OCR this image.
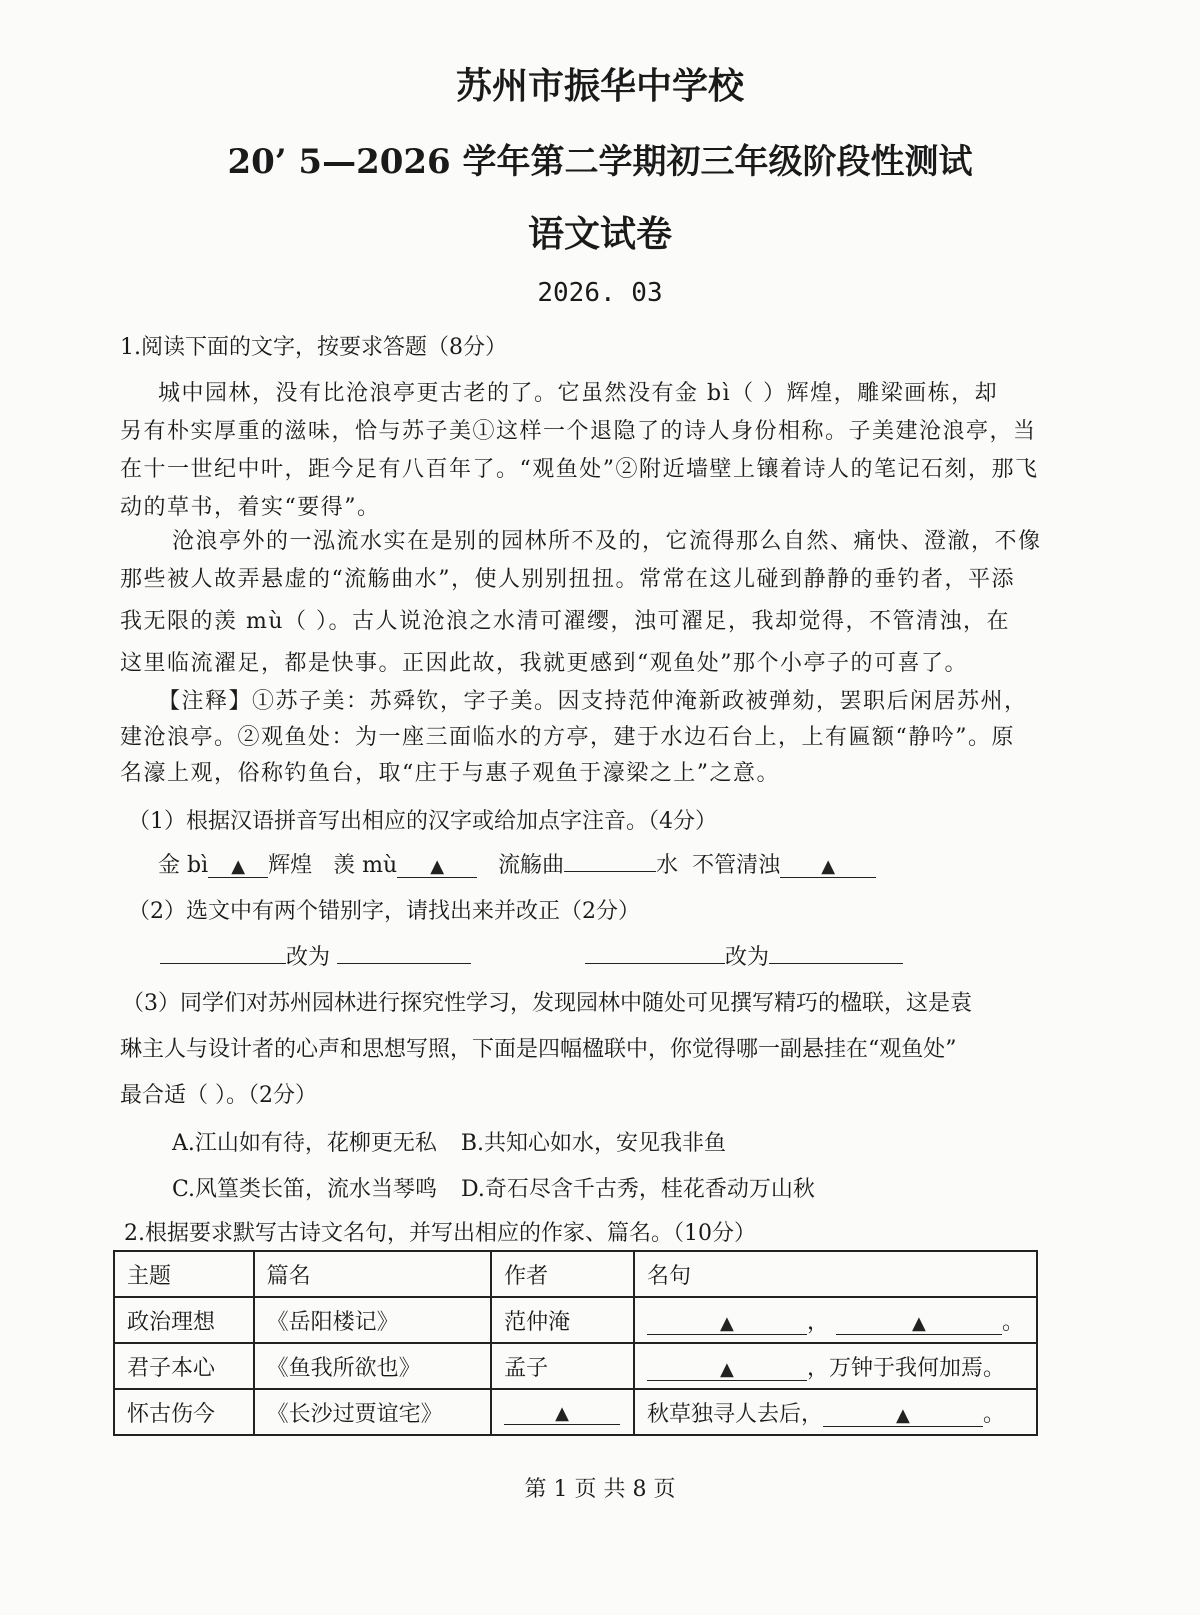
苏州市振华中学校
20’ 5—2026 学年第二学期初三年级阶段性测试
语文试卷
2026. 03
1.阅读下面的文字，按要求答题（8分）
城中园林，没有比沧浪亭更古老的了。它虽然没有金 bì（ ）辉煌，雕梁画栋，却
另有朴实厚重的滋味，恰与苏子美①这样一个退隐了的诗人身份相称。子美建沧浪亭，当
在十一世纪中叶，距今足有八百年了。“观鱼处”②附近墙壁上镶着诗人的笔记石刻，那飞
动的草书，着实“要得”。
沧浪亭外的一泓流水实在是别的园林所不及的，它流得那么自然、痛快、澄澈，不像
那些被人故弄悬虚的“流觞曲水”，使人别别扭扭。常常在这儿碰到静静的垂钓者，平添
我无限的羡 mù（ ）。古人说沧浪之水清可濯缨，浊可濯足，我却觉得，不管清浊，在
这里临流濯足，都是快事。正因此故，我就更感到“观鱼处”那个小亭子的可喜了。
【注释】①苏子美：苏舜钦，字子美。因支持范仲淹新政被弹劾，罢职后闲居苏州，
建沧浪亭。②观鱼处：为一座三面临水的方亭，建于水边石台上，上有匾额“静吟”。原
名濠上观，俗称钓鱼台，取“庄于与惠子观鱼于濠梁之上”之意。
（1）根据汉语拼音写出相应的汉字或给加点字注音。（4分）
金 bì ▲ 辉煌 羡 mù ▲ 流觞曲	水 不管清浊 ▲
（2）选文中有两个错别字，请找出来并改正（2分）
改为	改为
（3）同学们对苏州园林进行探究性学习，发现园林中随处可见撰写精巧的楹联，这是袁
琳主人与设计者的心声和思想写照，下面是四幅楹联中，你觉得哪一副悬挂在“观鱼处”
最合适（ ）。（2分）
A.江山如有待，花柳更无私 B.共知心如水，安见我非鱼
C.风篁类长笛，流水当琴鸣 D.奇石尽含千古秀，桂花香动万山秋
2.根据要求默写古诗文名句，并写出相应的作家、篇名。（10分）
主题	篇名	作者	名句
政治理想	《岳阳楼记》	范仲淹	▲ ， ▲ 。
君子本心	《鱼我所欲也》	孟子	▲ ，万钟于我何加焉。
怀古伤今	《长沙过贾谊宅》	▲	秋草独寻人去后， ▲ 。
第 1 页 共 8 页
